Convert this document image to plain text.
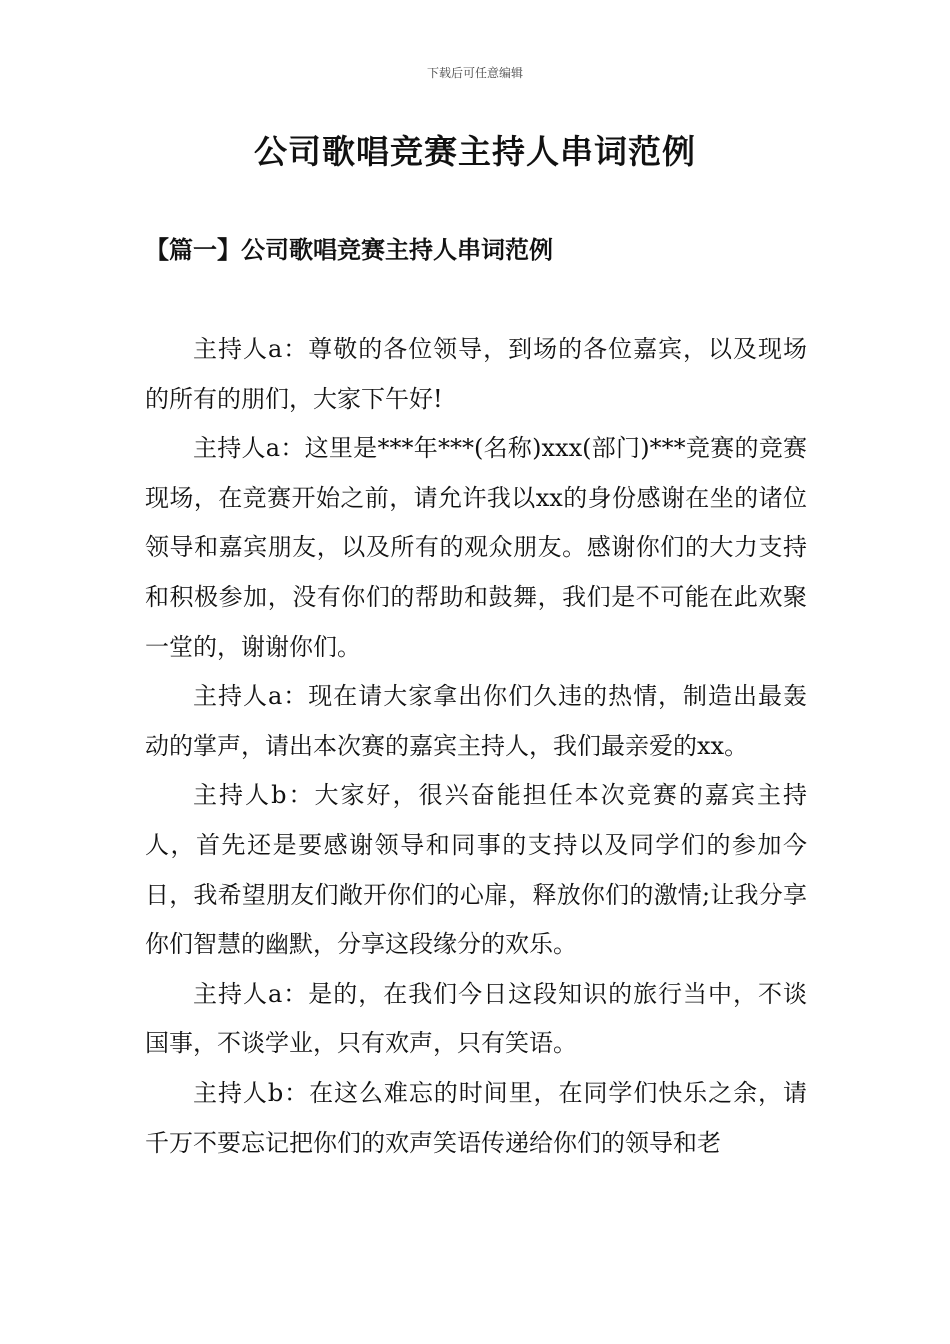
下载后可任意编辑
公司歌唱竞赛主持人串词范例
【篇一】公司歌唱竞赛主持人串词范例

主持人a：尊敬的各位领导，到场的各位嘉宾，以及现场的所有的朋们，大家下午好!

主持人a：这里是***年***(名称)xxx(部门)***竞赛的竞赛现场，在竞赛开始之前，请允许我以xx的身份感谢在坐的诸位领导和嘉宾朋友，以及所有的观众朋友。感谢你们的大力支持和积极参加，没有你们的帮助和鼓舞，我们是不可能在此欢聚一堂的，谢谢你们。

主持人a：现在请大家拿出你们久违的热情，制造出最轰动的掌声，请出本次赛的嘉宾主持人，我们最亲爱的xx。

主持人b：大家好，很兴奋能担任本次竞赛的嘉宾主持人，首先还是要感谢领导和同事的支持以及同学们的参加今日，我希望朋友们敞开你们的心扉，释放你们的激情;让我分享你们智慧的幽默，分享这段缘分的欢乐。

主持人a：是的，在我们今日这段知识的旅行当中，不谈国事，不谈学业，只有欢声，只有笑语。

主持人b：在这么难忘的时间里，在同学们快乐之余，请千万不要忘记把你们的欢声笑语传递给你们的领导和老
